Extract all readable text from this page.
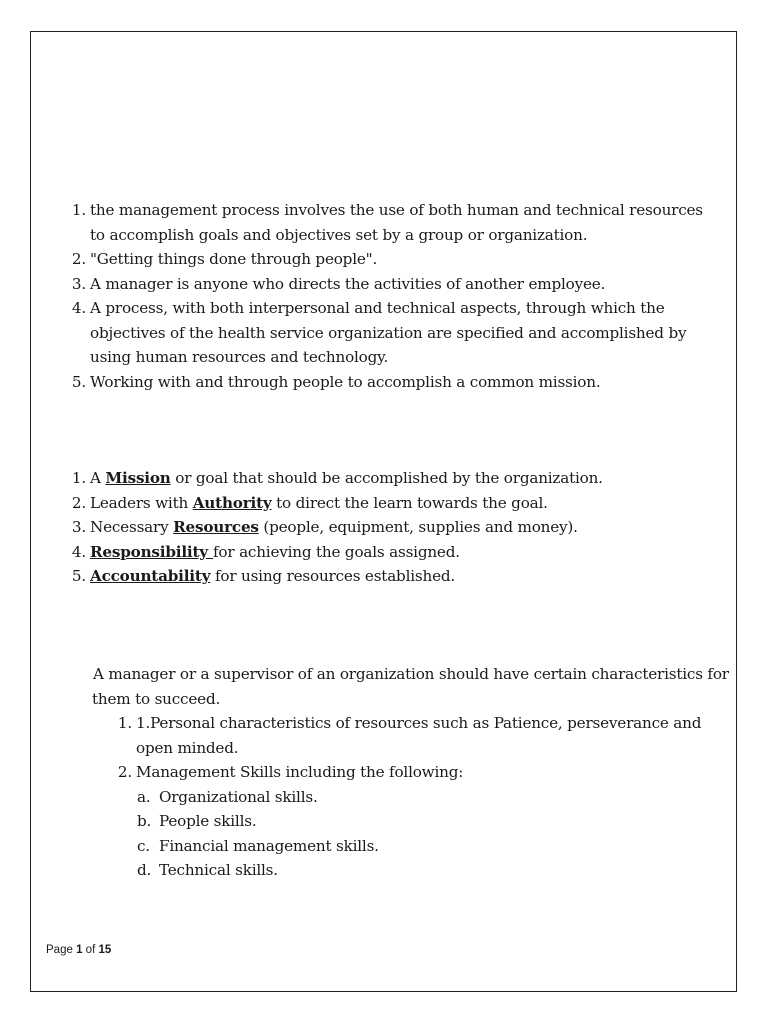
1. the management process involves the use of both human and technical resources to accomplish goals and objectives set by a group or organization.
2. "Getting things done through people".
3. A manager is anyone who directs the activities of another employee.
4. A process, with both interpersonal and technical aspects, through which the objectives of the health service organization are specified and accomplished by using human resources and technology.
5. Working with and through people to accomplish a common mission.
1. A Mission or goal that should be accomplished by the organization.
2. Leaders with Authority to direct the learn towards the goal.
3. Necessary Resources (people, equipment, supplies and money).
4. Responsibility for achieving the goals assigned.
5. Accountability for using resources established.

A manager or a supervisor of an organization should have certain characteristics for them to succeed.

1. 1.Personal characteristics of resources such as Patience, perseverance and open minded.
2. Management Skills including the following:
a. Organizational skills.
b. People skills.
c. Financial management skills.
d. Technical skills.
Page 1 of 15
